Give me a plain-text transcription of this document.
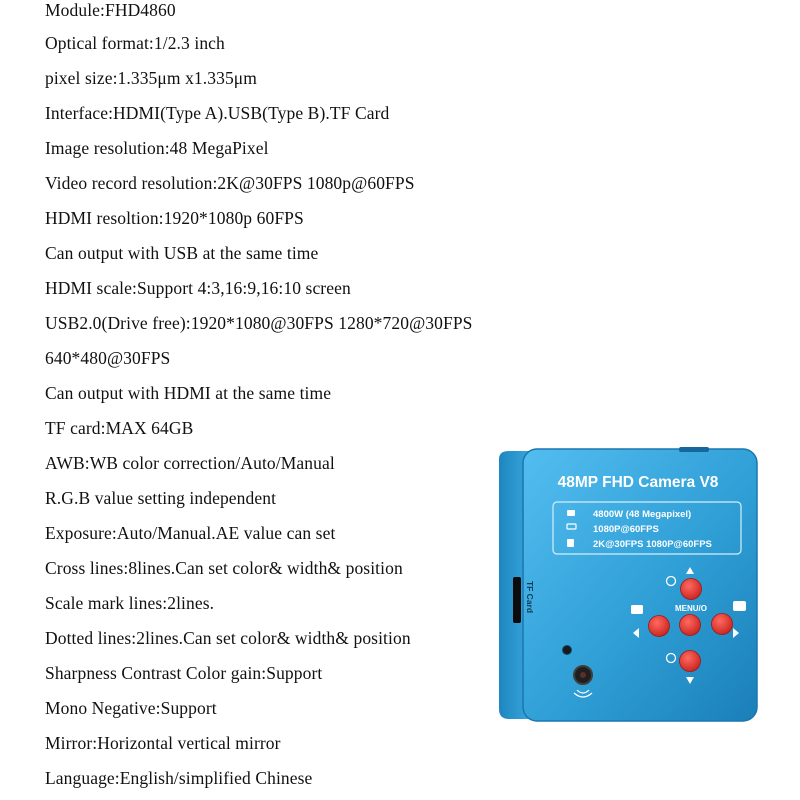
Module:FHD4860
Optical format:1/2.3 inch
pixel size:1.335μm x1.335μm
Interface:HDMI(Type A).USB(Type B).TF Card
Image resolution:48 MegaPixel
Video record resolution:2K@30FPS 1080p@60FPS
HDMI resoltion:1920*1080p 60FPS
Can output with USB at the same time
HDMI scale:Support 4:3,16:9,16:10 screen
USB2.0(Drive free):1920*1080@30FPS 1280*720@30FPS
640*480@30FPS
Can output with HDMI at the same time
TF card:MAX 64GB
AWB:WB color correction/Auto/Manual
R.G.B value setting independent
Exposure:Auto/Manual.AE value can set
Cross lines:8lines.Can set color& width& position
Scale mark lines:2lines.
Dotted lines:2lines.Can set color& width& position
Sharpness Contrast Color gain:Support
Mono Negative:Support
Mirror:Horizontal vertical mirror
Language:English/simplified Chinese
TF Card
48MP FHD Camera V8
4800W (48 Megapixel)
1080P@60FPS
2K@30FPS 1080P@60FPS
MENU/O
